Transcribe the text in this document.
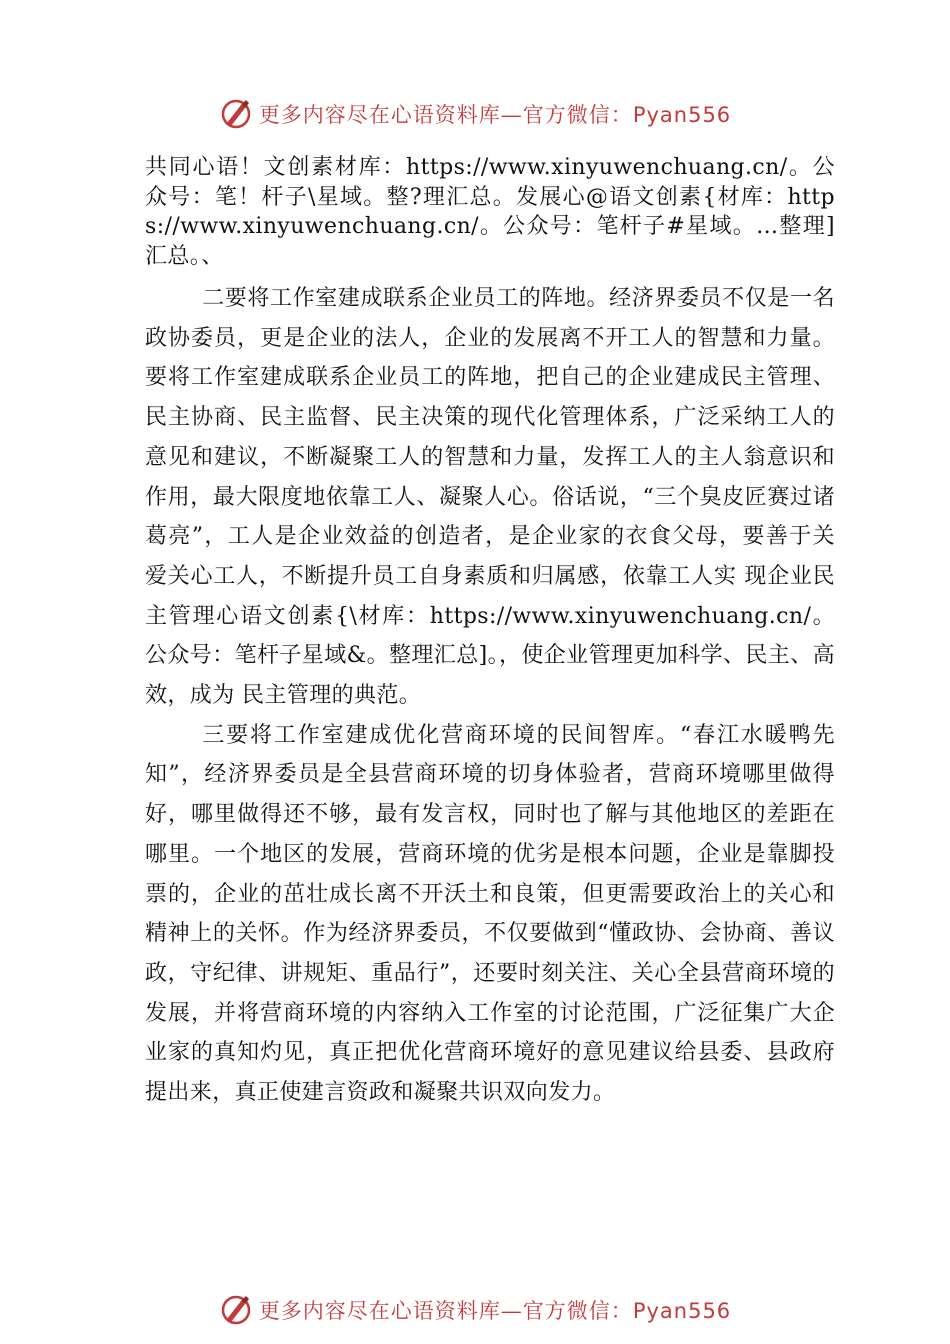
更多内容尽在心语资料库—官方微信：Pyan556

共同心语！文创素材库：https://www.xinyuwenchuang.cn/。公众号：笔！杆子\星域。整?理汇总。发展心@语文创素{材库：https://www.xinyuwenchuang.cn/。公众号：笔杆子#星域。…整理]汇总。、

二要将工作室建成联系企业员工的阵地。经济界委员不仅是一名政协委员，更是企业的法人，企业的发展离不开工人的智慧和力量。要将工作室建成联系企业员工的阵地，把自己的企业建成民主管理、民主协商、民主监督、民主决策的现代化管理体系，广泛采纳工人的意见和建议，不断凝聚工人的智慧和力量，发挥工人的主人翁意识和作用，最大限度地依靠工人、凝聚人心。俗话说，“三个臭皮匠赛过诸葛亮”，工人是企业效益的创造者，是企业家的衣食父母，要善于关 爱关心工人，不断提升员工自身素质和归属感，依靠工人实 现企业民主管理心语文创素{\材库：https://www.xinyuwenchuang.cn/。公众号：笔杆子星域&。整理汇总]。，使企业管理更加科学、民主、高效，成为 民主管理的典范。

三要将工作室建成优化营商环境的民间智库。“春江水暖鸭先知”，经济界委员是全县营商环境的切身体验者，营商环境哪里做得好，哪里做得还不够，最有发言权，同时也了解与其他地区的差距在哪里。一个地区的发展，营商环境的优劣是根本问题，企业是靠脚投票的，企业的茁壮成长离不开沃土和良策，但更需要政治上的关心和精神上的关怀。作为经济界委员，不仅要做到“懂政协、会协商、善议政，守纪律、讲规矩、重品行”，还要时刻关注、关心全县营商环境的发展，并将营商环境的内容纳入工作室的讨论范围，广泛征集广大企业家的真知灼见，真正把优化营商环境好的意见建议给县委、县政府提出来，真正使建言资政和凝聚共识双向发力。

更多内容尽在心语资料库—官方微信：Pyan556
